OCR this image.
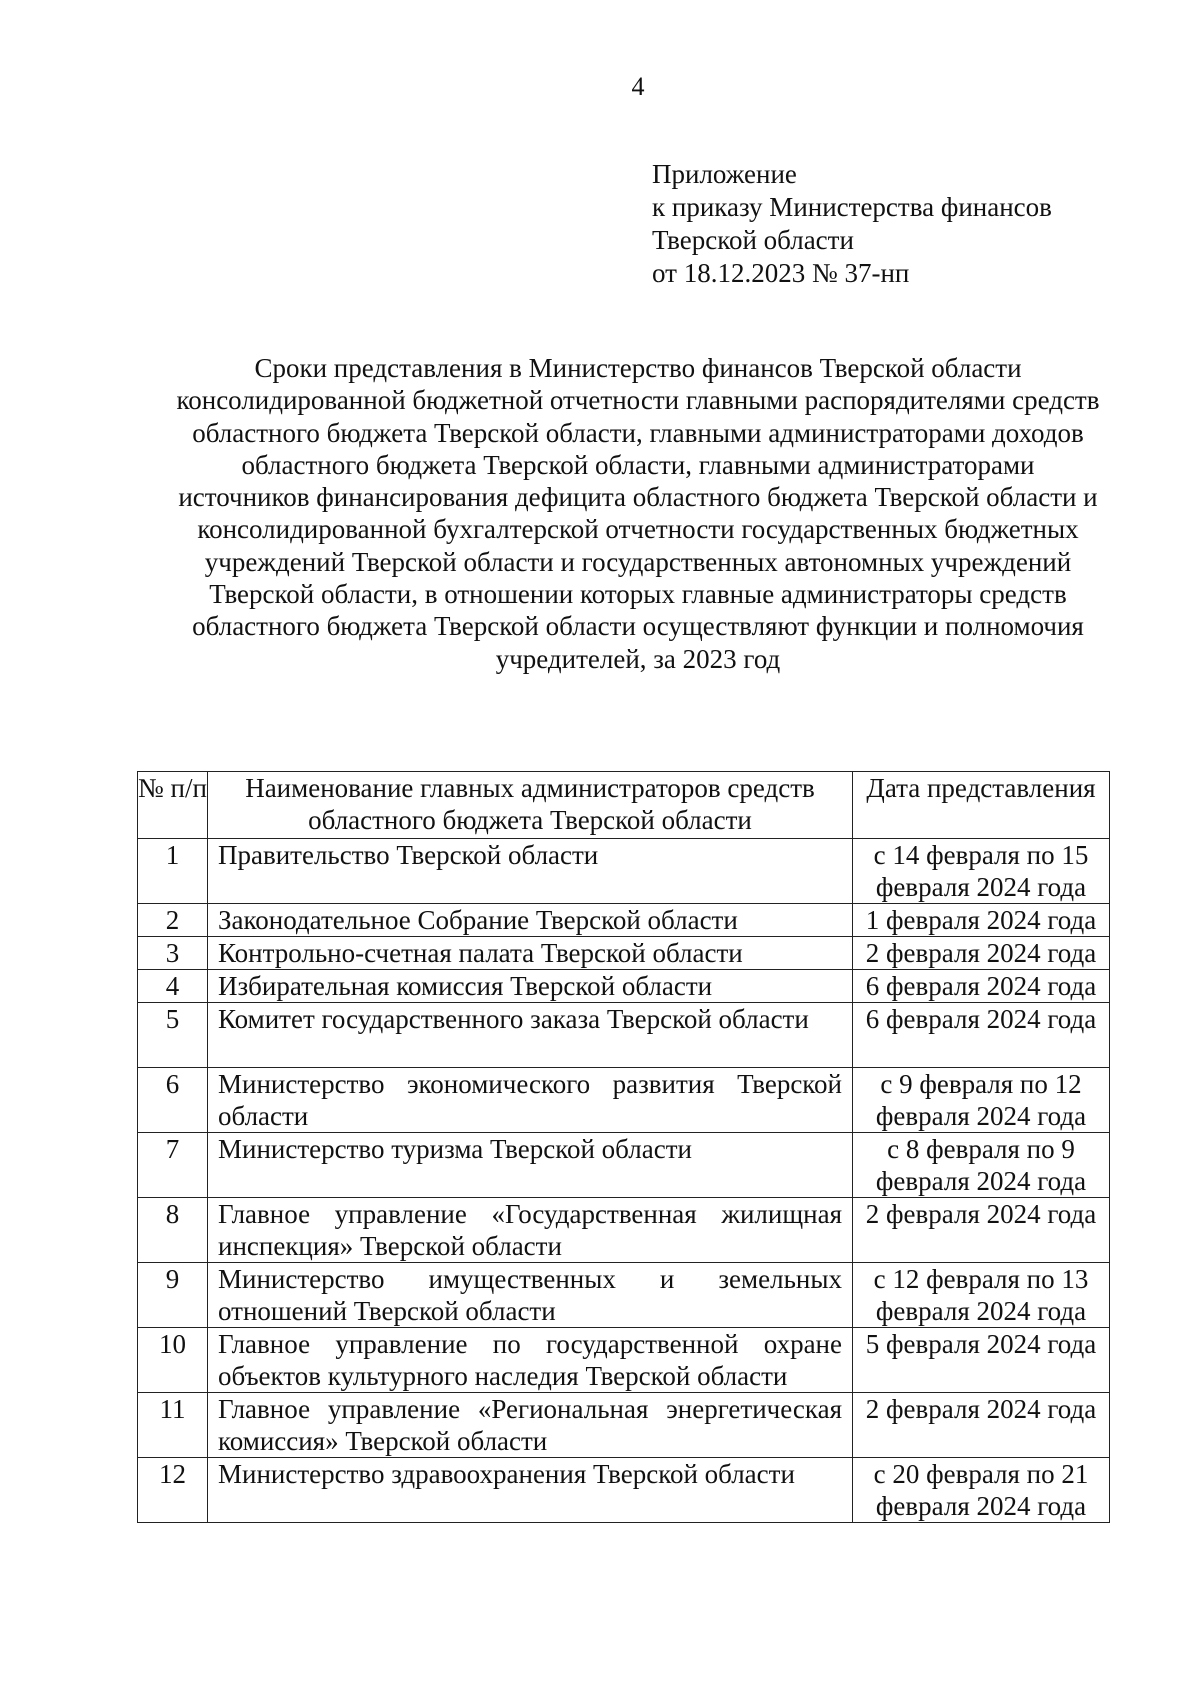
4
Приложение
к приказу Министерства финансов
Тверской области
от 18.12.2023 № 37-нп
Сроки представления в Министерство финансов Тверской области
консолидированной бюджетной отчетности главными распорядителями средств
областного бюджета Тверской области, главными администраторами доходов
областного бюджета Тверской области, главными администраторами
источников финансирования дефицита областного бюджета Тверской области и
консолидированной бухгалтерской отчетности государственных бюджетных
учреждений Тверской области и государственных автономных учреждений
Тверской области, в отношении которых главные администраторы средств
областного бюджета Тверской области осуществляют функции и полномочия
учредителей, за 2023 год
№ п/п	Наименование главных администраторов средств областного бюджета Тверской области	Дата представления

1	Правительство Тверской области	с 14 февраля по 15 февраля 2024 года
2	Законодательное Собрание Тверской области	1 февраля 2024 года
3	Контрольно-счетная палата Тверской области	2 февраля 2024 года
4	Избирательная комиссия Тверской области	6 февраля 2024 года
5	Комитет государственного заказа Тверской области	6 февраля 2024 года
6	Министерство экономического развития Тверской области	с 9 февраля по 12 февраля 2024 года
7	Министерство туризма Тверской области	с 8 февраля по 9 февраля 2024 года
8	Главное управление «Государственная жилищная инспекция» Тверской области	2 февраля 2024 года
9	Министерство имущественных и земельных отношений Тверской области	с 12 февраля по 13 февраля 2024 года
10	Главное управление по государственной охране объектов культурного наследия Тверской области	5 февраля 2024 года
11	Главное управление «Региональная энергетическая комиссия» Тверской области	2 февраля 2024 года
12	Министерство здравоохранения Тверской области	с 20 февраля по 21 февраля 2024 года
